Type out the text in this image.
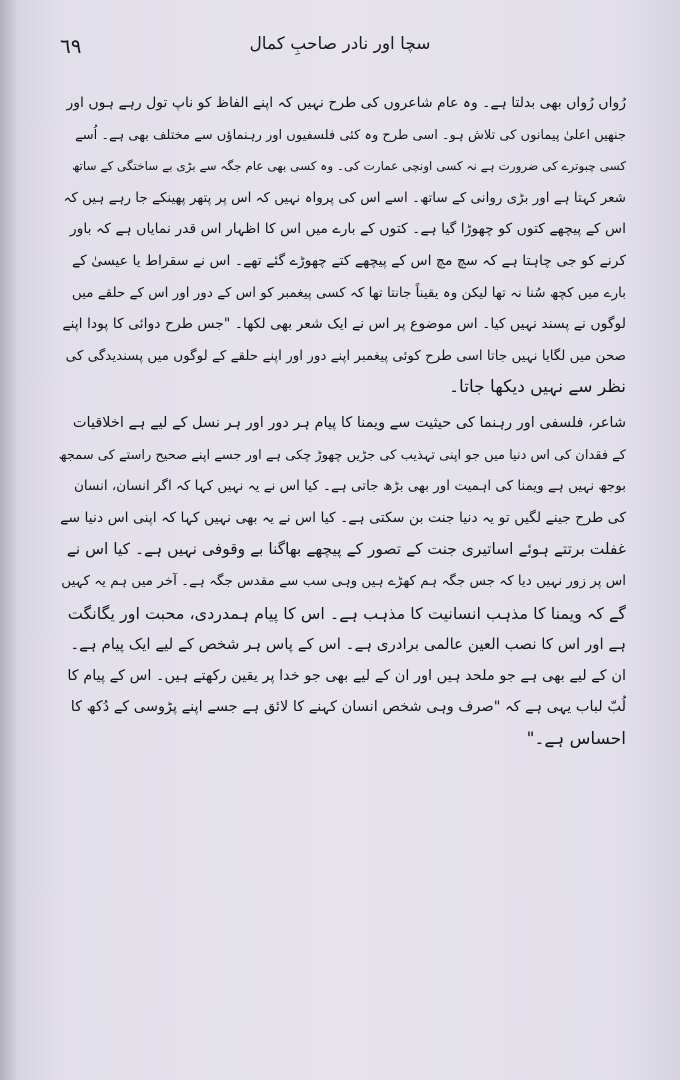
٦٩	سچا اور نادر صاحبِ کمال
رُواں رُواں بھی بدلتا ہے۔ وہ عام شاعروں کی طرح نہیں کہ اپنے الفاظ کو ناپ تول رہے ہوں اور
جنھیں اعلیٰ پیمانوں کی تلاش ہو۔ اسی طرح وہ کئی فلسفیوں اور رہنماؤں سے مختلف بھی ہے۔ اُسے
کسی چبوترے کی ضرورت ہے نہ کسی اونچی عمارت کی۔ وہ کسی بھی عام جگہ سے بڑی بے ساختگی کے ساتھ
شعر کہتا ہے اور بڑی روانی کے ساتھ۔ اسے اس کی پرواہ نہیں کہ اس پر پتھر پھینکے جا رہے ہیں کہ
اس کے پیچھے کتوں کو چھوڑا گیا ہے۔ کتوں کے بارے میں اس کا اظہار اس قدر نمایاں ہے کہ باور
کرنے کو جی چاہتا ہے کہ سچ مچ اس کے پیچھے کتے چھوڑے گئے تھے۔ اس نے سقراط یا عیسیٰ کے
بارے میں کچھ سُنا نہ تھا لیکن وہ یقیناً جانتا تھا کہ کسی پیغمبر کو اس کے دور اور اس کے حلقے میں
لوگوں نے پسند نہیں کیا۔ اس موضوع پر اس نے ایک شعر بھی لکھا۔ "جس طرح دوائی کا پودا اپنے
صحن میں لگایا نہیں جاتا اسی طرح کوئی پیغمبر اپنے دور اور اپنے حلقے کے لوگوں میں پسندیدگی کی
نظر سے نہیں دیکھا جاتا۔
شاعر، فلسفی اور رہنما کی حیثیت سے ویمنا کا پیام ہر دور اور ہر نسل کے لیے ہے اخلاقیات
کے فقدان کی اس دنیا میں جو اپنی تہذیب کی جڑیں چھوڑ چکی ہے اور جسے اپنے صحیح راستے کی سمجھ
بوجھ نہیں ہے ویمنا کی اہمیت اور بھی بڑھ جاتی ہے۔ کیا اس نے یہ نہیں کہا کہ اگر انسان، انسان
کی طرح جینے لگیں تو یہ دنیا جنت بن سکتی ہے۔ کیا اس نے یہ بھی نہیں کہا کہ اپنی اس دنیا سے
غفلت برتتے ہوئے اساتیری جنت کے تصور کے پیچھے بھاگنا بے وقوفی نہیں ہے۔ کیا اس نے
اس پر زور نہیں دیا کہ جس جگہ ہم کھڑے ہیں وہی سب سے مقدس جگہ ہے۔ آخر میں ہم یہ کہیں
گے کہ ویمنا کا مذہب انسانیت کا مذہب ہے۔ اس کا پیام ہمدردی، محبت اور یگانگت
ہے اور اس کا نصب العین عالمی برادری ہے۔ اس کے پاس ہر شخص کے لیے ایک پیام ہے۔
ان کے لیے بھی ہے جو ملحد ہیں اور ان کے لیے بھی جو خدا پر یقین رکھتے ہیں۔ اس کے پیام کا
لُبّ لباب یہی ہے کہ "صرف وہی شخص انسان کہنے کا لائق ہے جسے اپنے پڑوسی کے دُکھ کا
احساس ہے۔"
